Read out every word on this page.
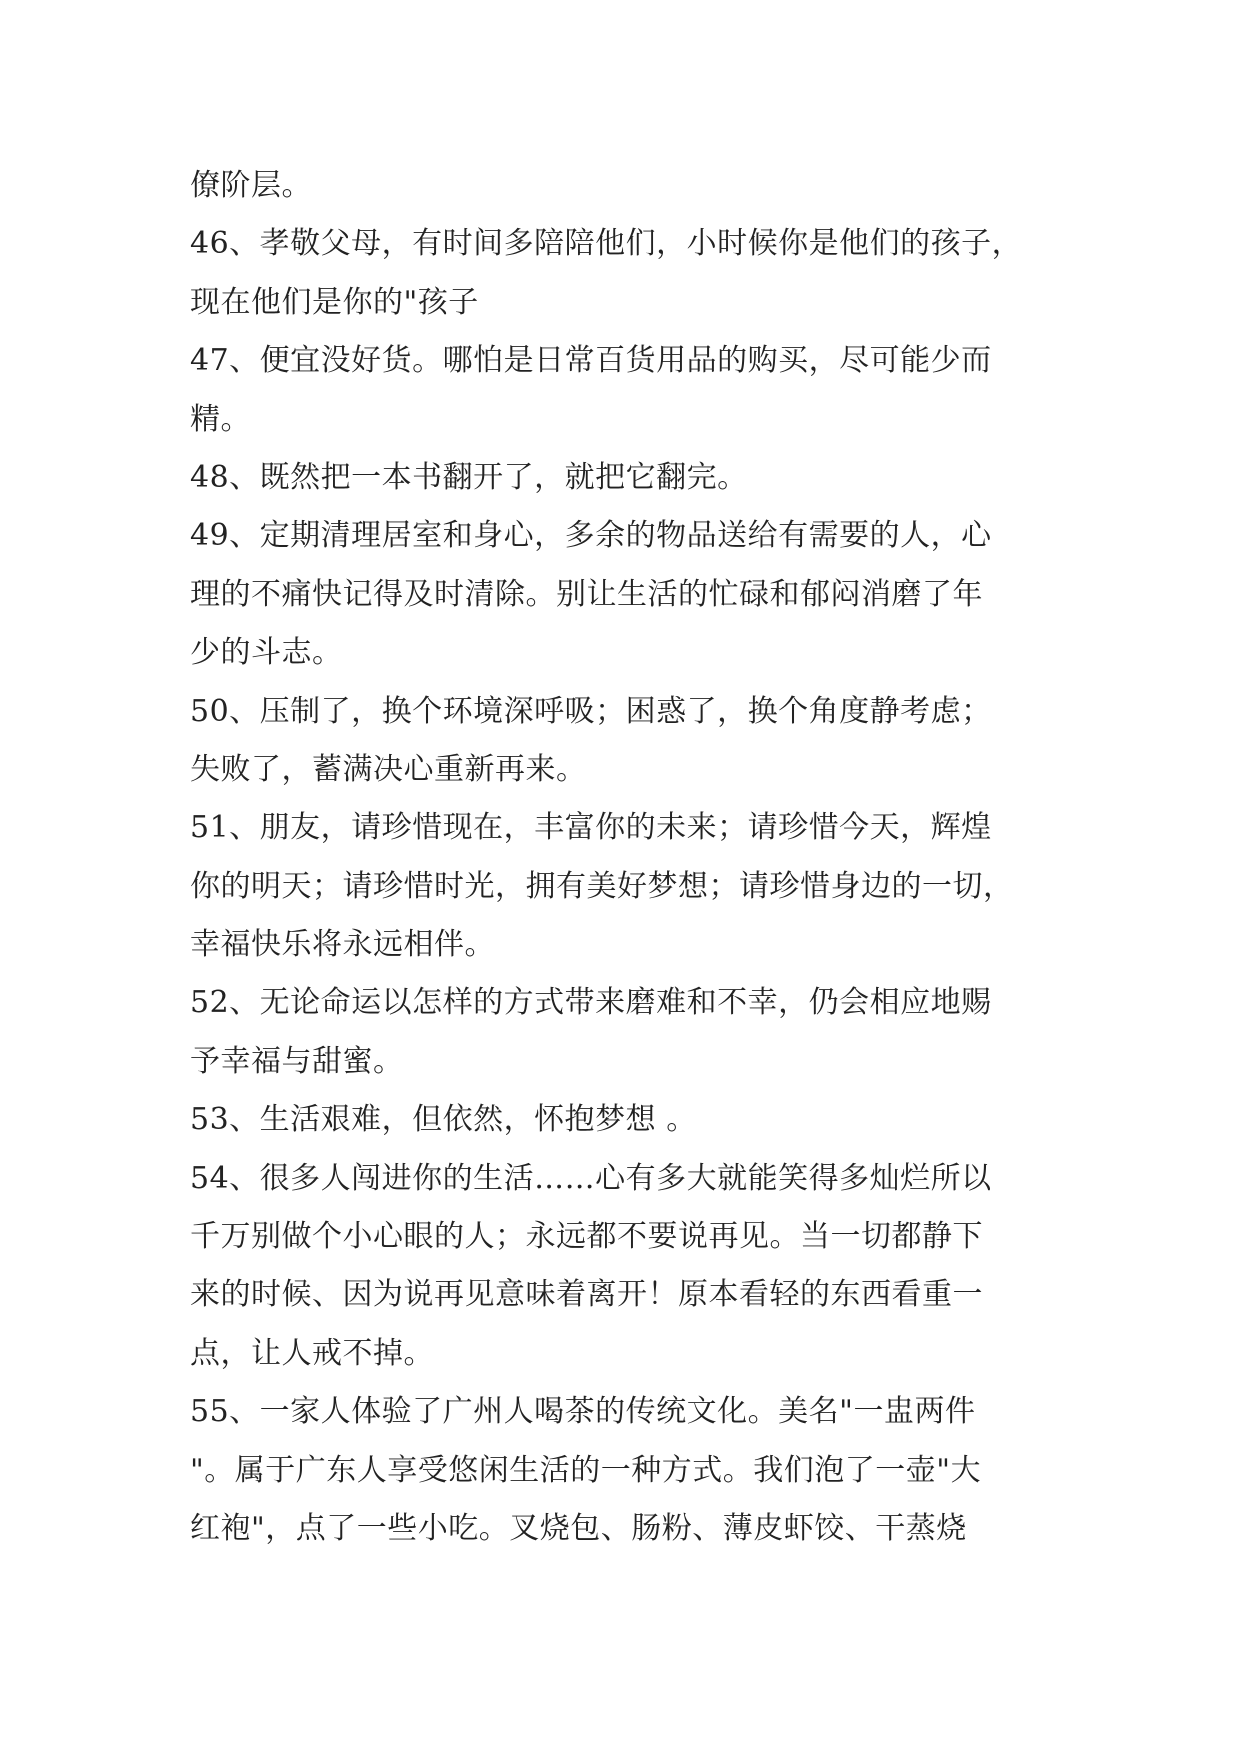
僚阶层。
46、孝敬父母，有时间多陪陪他们，小时候你是他们的孩子，
现在他们是你的"孩子
47、便宜没好货。哪怕是日常百货用品的购买，尽可能少而
精。
48、既然把一本书翻开了，就把它翻完。
49、定期清理居室和身心，多余的物品送给有需要的人，心
理的不痛快记得及时清除。别让生活的忙碌和郁闷消磨了年
少的斗志。
50、压制了，换个环境深呼吸；困惑了，换个角度静考虑；
失败了，蓄满决心重新再来。
51、朋友，请珍惜现在，丰富你的未来；请珍惜今天，辉煌
你的明天；请珍惜时光，拥有美好梦想；请珍惜身边的一切，
幸福快乐将永远相伴。
52、无论命运以怎样的方式带来磨难和不幸，仍会相应地赐
予幸福与甜蜜。
53、生活艰难，但依然，怀抱梦想 。
54、很多人闯进你的生活……心有多大就能笑得多灿烂所以
千万别做个小心眼的人；永远都不要说再见。当一切都静下
来的时候、因为说再见意味着离开！原本看轻的东西看重一
点，让人戒不掉。
55、一家人体验了广州人喝茶的传统文化。美名"一盅两件
"。属于广东人享受悠闲生活的一种方式。我们泡了一壶"大
红袍"，点了一些小吃。叉烧包、肠粉、薄皮虾饺、干蒸烧
